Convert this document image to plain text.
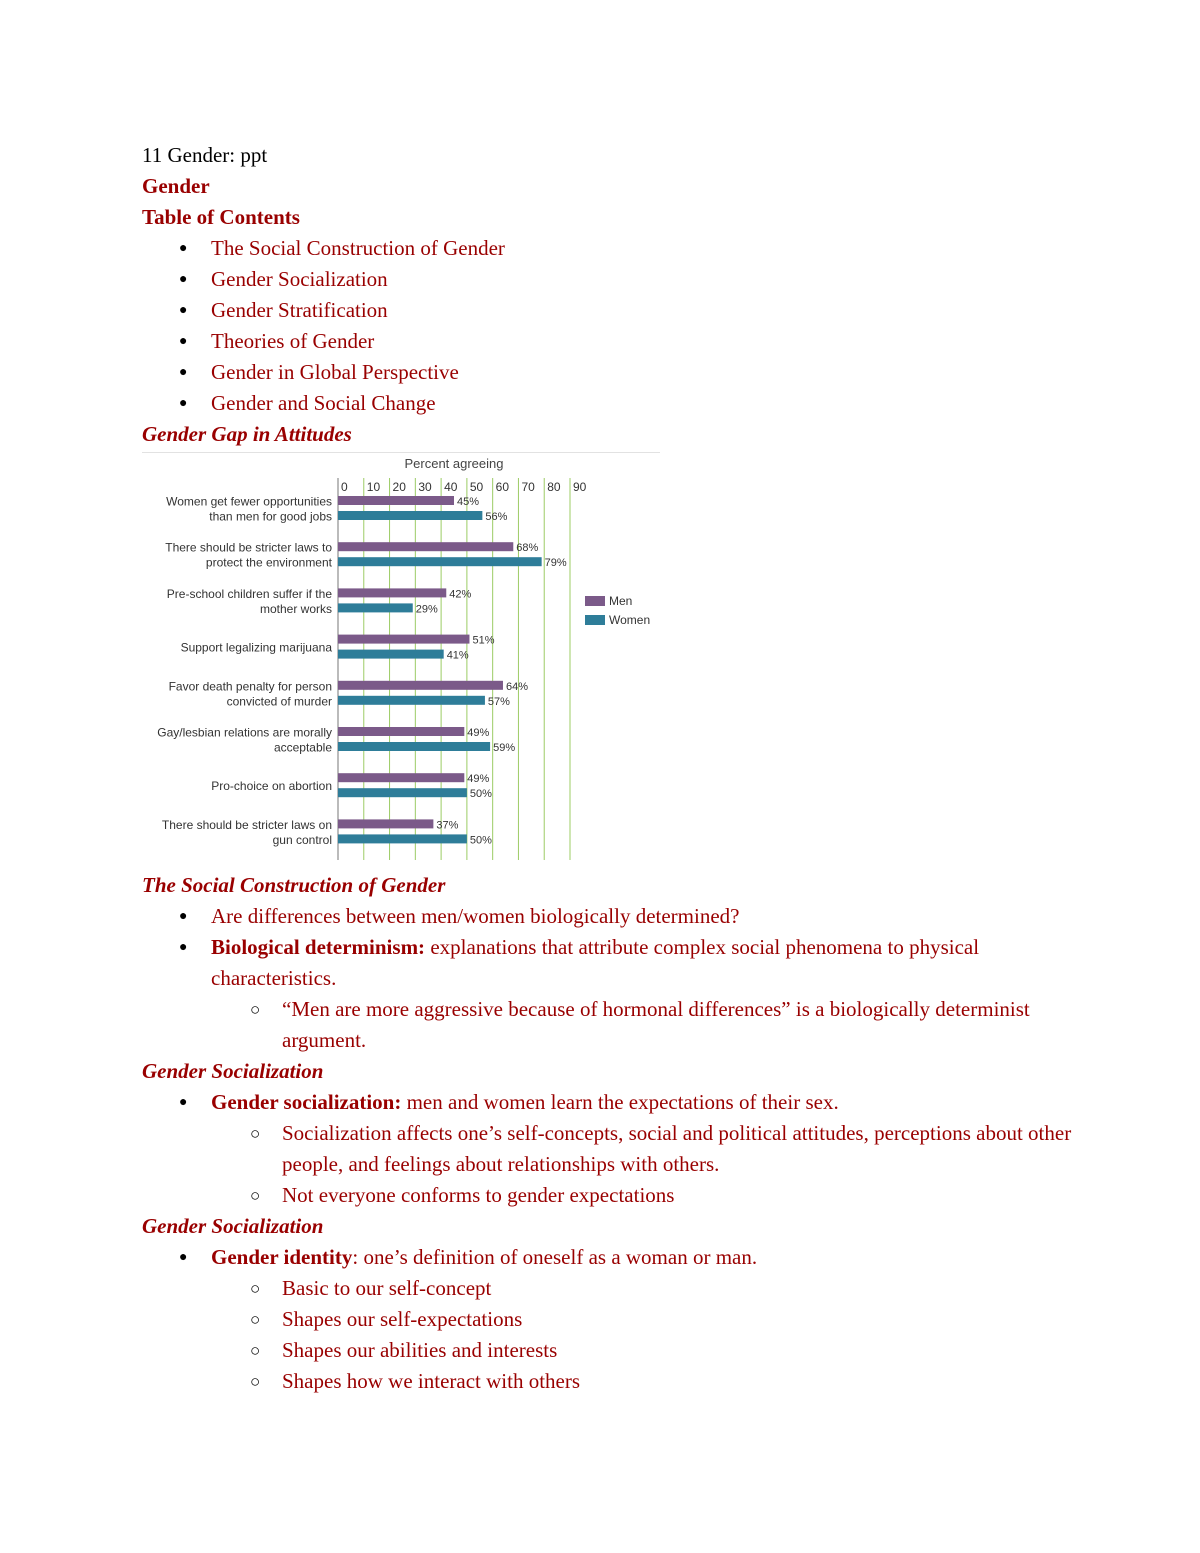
11 Gender: ppt
Gender
Table of Contents
● The Social Construction of Gender
● Gender Socialization
● Gender Stratification
● Theories of Gender
● Gender in Global Perspective
● Gender and Social Change
Gender Gap in Attitudes
Percent agreeing
0 10 20 30 40 50 60 70 80 90
Women get fewer opportunities
than men for good jobs
45%
56%
There should be stricter laws to
protect the environment
68%
79%
Pre-school children suffer if the
mother works
42%
29%
Support legalizing marijuana	51%
41%
Favor death penalty for person
convicted of murder
64%
57%
Gay/lesbian relations are morally
acceptable
49%
59%
Pro-choice on abortion	49%
50%
There should be stricter laws on
gun control
37%
50%
Men
Women
The Social Construction of Gender
● Are differences between men/women biologically determined?
● Biological determinism: explanations that attribute complex social phenomena to physical characteristics.
○ “Men are more aggressive because of hormonal differences” is a biologically determinist argument.
Gender Socialization
● Gender socialization: men and women learn the expectations of their sex.
○ Socialization affects one’s self-concepts, social and political attitudes, perceptions about other people, and feelings about relationships with others.
○ Not everyone conforms to gender expectations
Gender Socialization
● Gender identity: one’s definition of oneself as a woman or man.
○ Basic to our self-concept
○ Shapes our self-expectations
○ Shapes our abilities and interests
○ Shapes how we interact with others
